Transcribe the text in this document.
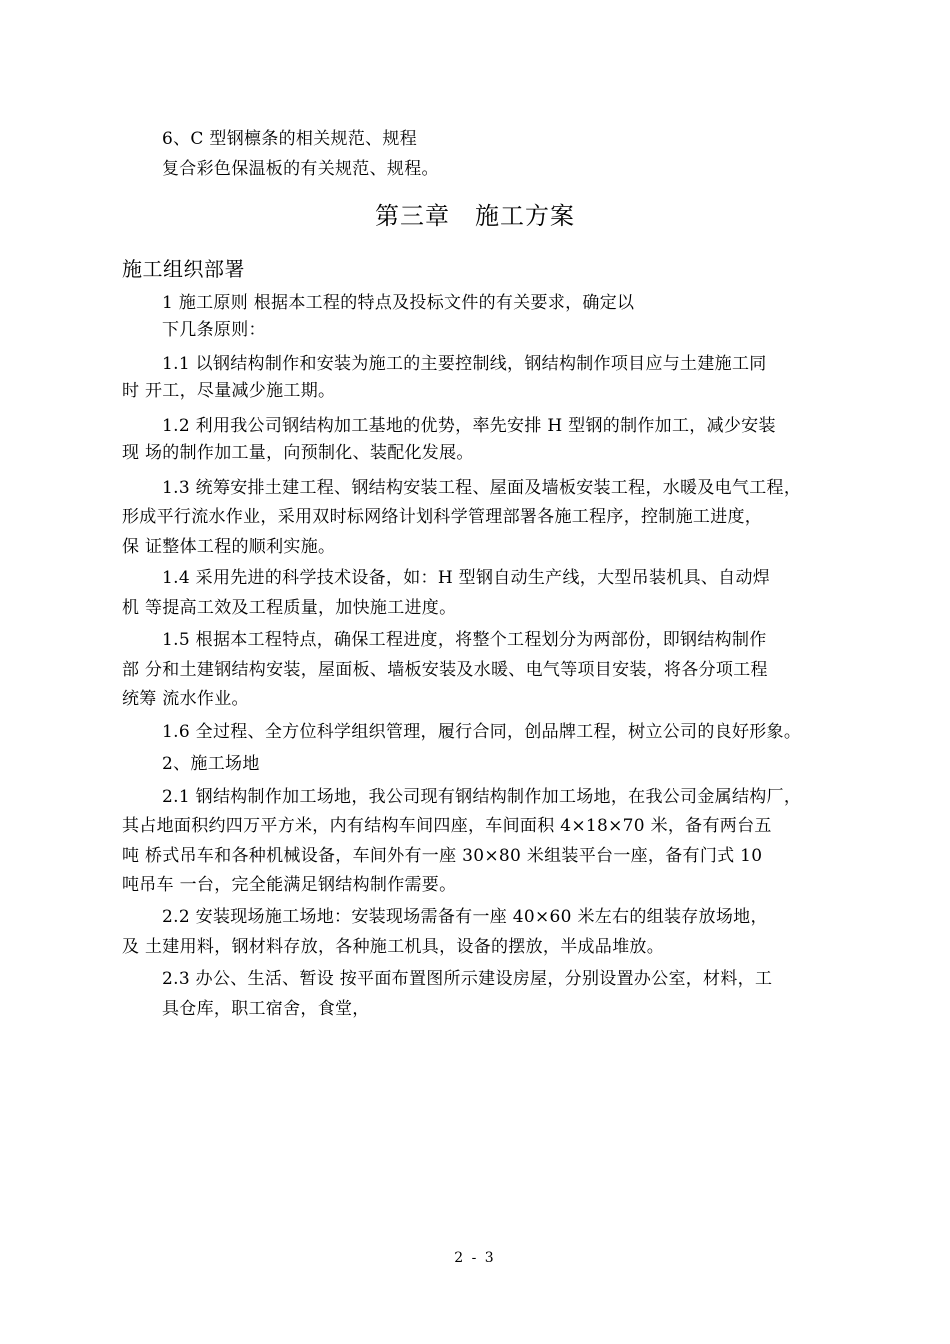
6、C 型钢檩条的相关规范、规程
复合彩色保温板的有关规范、规程。
第三章　施工方案
施工组织部署
1 施工原则 根据本工程的特点及投标文件的有关要求，确定以
下几条原则：
1.1 以钢结构制作和安装为施工的主要控制线，钢结构制作项目应与土建施工同
时 开工，尽量减少施工期。
1.2 利用我公司钢结构加工基地的优势，率先安排 H 型钢的制作加工，减少安装
现 场的制作加工量，向预制化、装配化发展。
1.3 统筹安排土建工程、钢结构安装工程、屋面及墙板安装工程，水暖及电气工程，
形成平行流水作业，采用双时标网络计划科学管理部署各施工程序，控制施工进度，
保 证整体工程的顺利实施。
1.4 采用先进的科学技术设备，如：H 型钢自动生产线，大型吊装机具、自动焊
机 等提高工效及工程质量，加快施工进度。
1.5 根据本工程特点，确保工程进度，将整个工程划分为两部份，即钢结构制作
部 分和土建钢结构安装，屋面板、墙板安装及水暖、电气等项目安装，将各分项工程
统筹 流水作业。
1.6 全过程、全方位科学组织管理，履行合同，创品牌工程，树立公司的良好形象。
2、施工场地
2.1 钢结构制作加工场地，我公司现有钢结构制作加工场地，在我公司金属结构厂，
其占地面积约四万平方米，内有结构车间四座，车间面积 4×18×70 米，备有两台五
吨 桥式吊车和各种机械设备，车间外有一座 30×80 米组装平台一座，备有门式 10
吨吊车 一台，完全能满足钢结构制作需要。
2.2 安装现场施工场地：安装现场需备有一座 40×60 米左右的组装存放场地，
及 土建用料，钢材料存放，各种施工机具，设备的摆放，半成品堆放。
2.3 办公、生活、暂设 按平面布置图所示建设房屋，分别设置办公室，材料，工
具仓库，职工宿舍，食堂，
2 - 3
